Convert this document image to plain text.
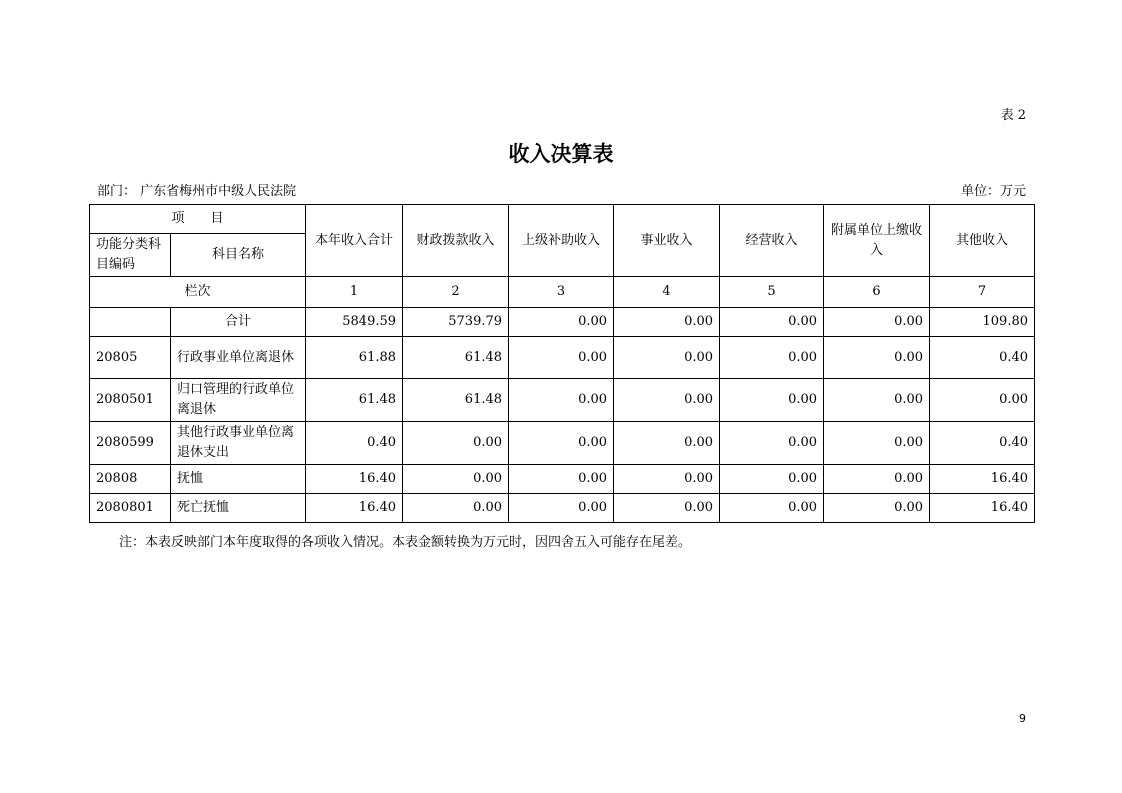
表 2
收入决算表
部门： 广东省梅州市中级人民法院	单位：万元
项　　目		本年收入合计	财政拨款收入	上级补助收入	事业收入	经营收入	附属单位上缴收入	其他收入
功能分类科目编码	科目名称							
栏次		1	2	3	4	5	6	7
	合计	5849.59	5739.79	0.00	0.00	0.00	0.00	109.80
20805	行政事业单位离退休	61.88	61.48	0.00	0.00	0.00	0.00	0.40
2080501	归口管理的行政单位离退休	61.48	61.48	0.00	0.00	0.00	0.00	0.00
2080599	其他行政事业单位离退休支出	0.40	0.00	0.00	0.00	0.00	0.00	0.40
20808	抚恤	16.40	0.00	0.00	0.00	0.00	0.00	16.40
2080801	死亡抚恤	16.40	0.00	0.00	0.00	0.00	0.00	16.40
注：本表反映部门本年度取得的各项收入情况。本表金额转换为万元时，因四舍五入可能存在尾差。
9
